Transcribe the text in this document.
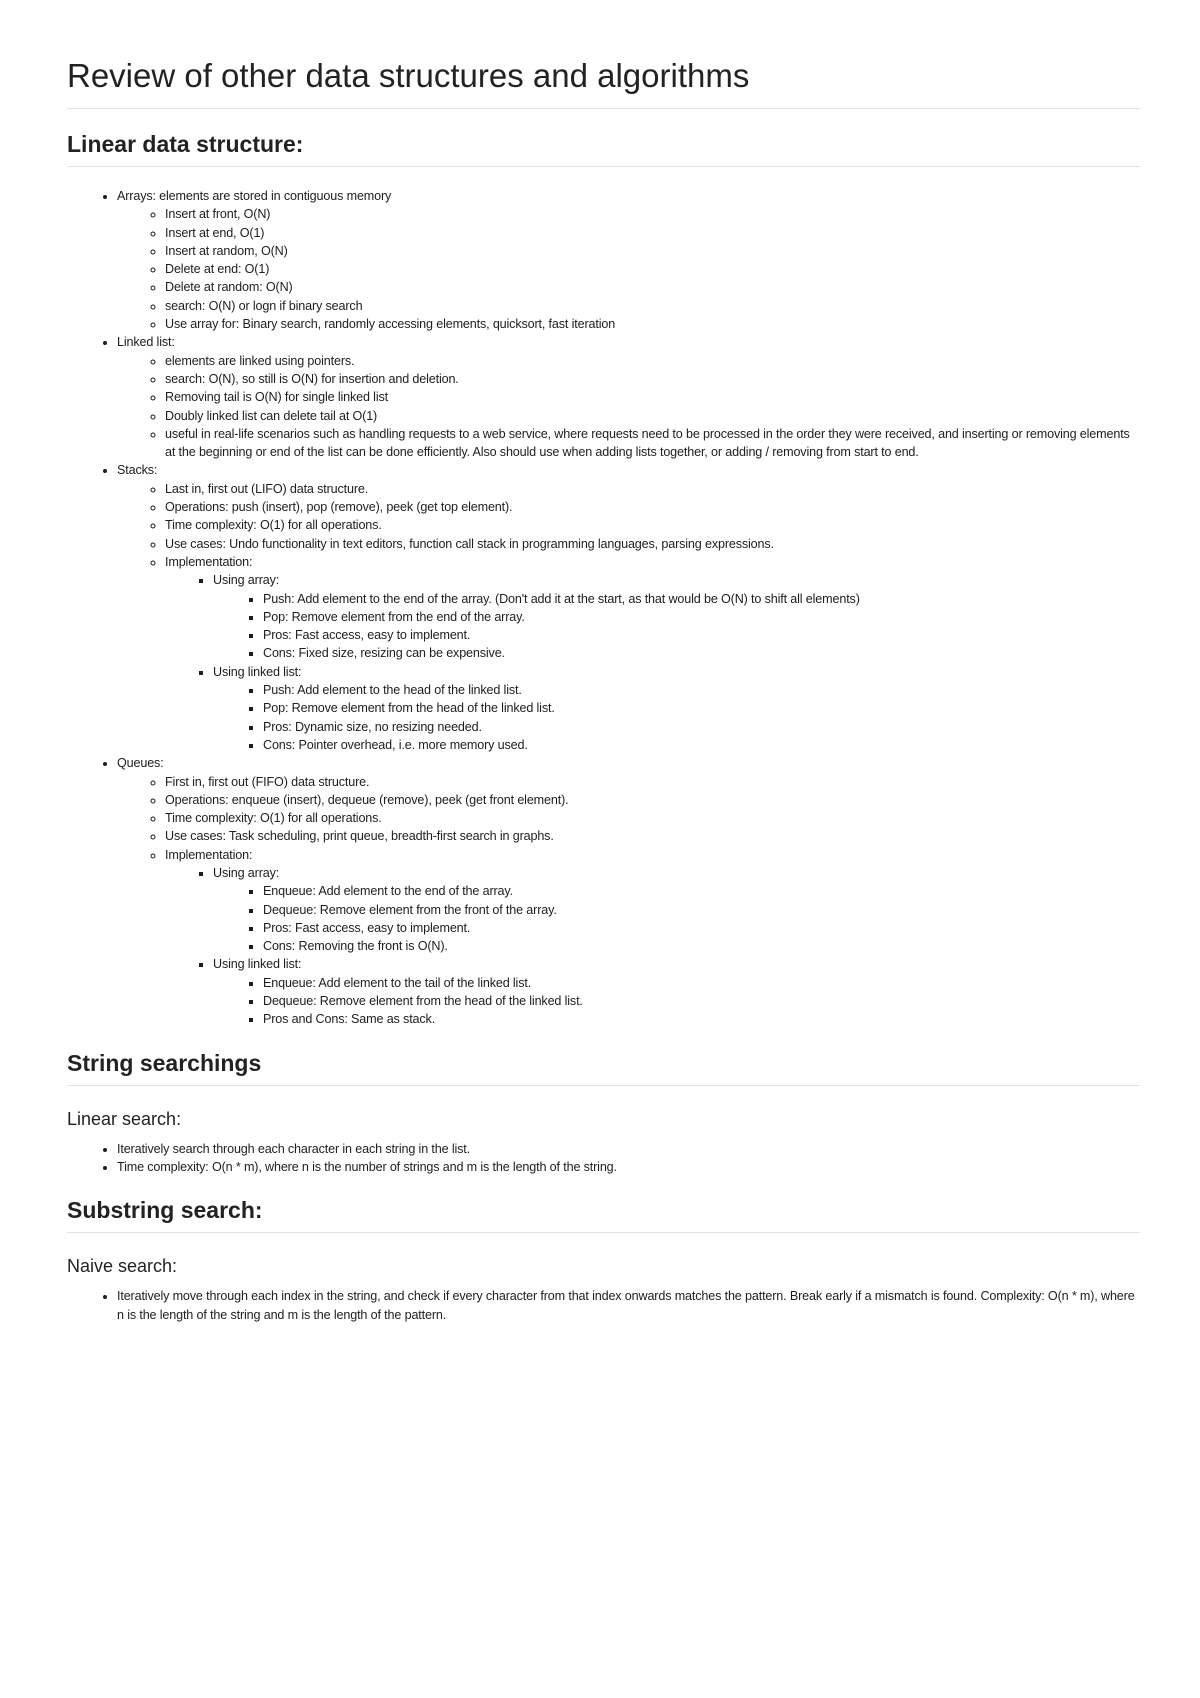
Review of other data structures and algorithms
Linear data structure:
• Arrays: elements are stored in contiguous memory
◦ Insert at front, O(N)
◦ Insert at end, O(1)
◦ Insert at random, O(N)
◦ Delete at end: O(1)
◦ Delete at random: O(N)
◦ search: O(N) or logn if binary search
◦ Use array for: Binary search, randomly accessing elements, quicksort, fast iteration
• Linked list:
◦ elements are linked using pointers.
◦ search: O(N), so still is O(N) for insertion and deletion.
◦ Removing tail is O(N) for single linked list
◦ Doubly linked list can delete tail at O(1)
◦ useful in real-life scenarios such as handling requests to a web service, where requests need to be processed in the order they were received, and inserting or removing elements at the beginning or end of the list can be done efficiently. Also should use when adding lists together, or adding / removing from start to end.
• Stacks:
◦ Last in, first out (LIFO) data structure.
◦ Operations: push (insert), pop (remove), peek (get top element).
◦ Time complexity: O(1) for all operations.
◦ Use cases: Undo functionality in text editors, function call stack in programming languages, parsing expressions.
◦ Implementation:
▪ Using array:
▪ Push: Add element to the end of the array. (Don't add it at the start, as that would be O(N) to shift all elements)
▪ Pop: Remove element from the end of the array.
▪ Pros: Fast access, easy to implement.
▪ Cons: Fixed size, resizing can be expensive.
▪ Using linked list:
▪ Push: Add element to the head of the linked list.
▪ Pop: Remove element from the head of the linked list.
▪ Pros: Dynamic size, no resizing needed.
▪ Cons: Pointer overhead, i.e. more memory used.
• Queues:
◦ First in, first out (FIFO) data structure.
◦ Operations: enqueue (insert), dequeue (remove), peek (get front element).
◦ Time complexity: O(1) for all operations.
◦ Use cases: Task scheduling, print queue, breadth-first search in graphs.
◦ Implementation:
▪ Using array:
▪ Enqueue: Add element to the end of the array.
▪ Dequeue: Remove element from the front of the array.
▪ Pros: Fast access, easy to implement.
▪ Cons: Removing the front is O(N).
▪ Using linked list:
▪ Enqueue: Add element to the tail of the linked list.
▪ Dequeue: Remove element from the head of the linked list.
▪ Pros and Cons: Same as stack.
String searchings
Linear search:
• Iteratively search through each character in each string in the list.
• Time complexity: O(n * m), where n is the number of strings and m is the length of the string.
Substring search:
Naive search:
• Iteratively move through each index in the string, and check if every character from that index onwards matches the pattern. Break early if a mismatch is found. Complexity: O(n * m), where n is the length of the string and m is the length of the pattern.
